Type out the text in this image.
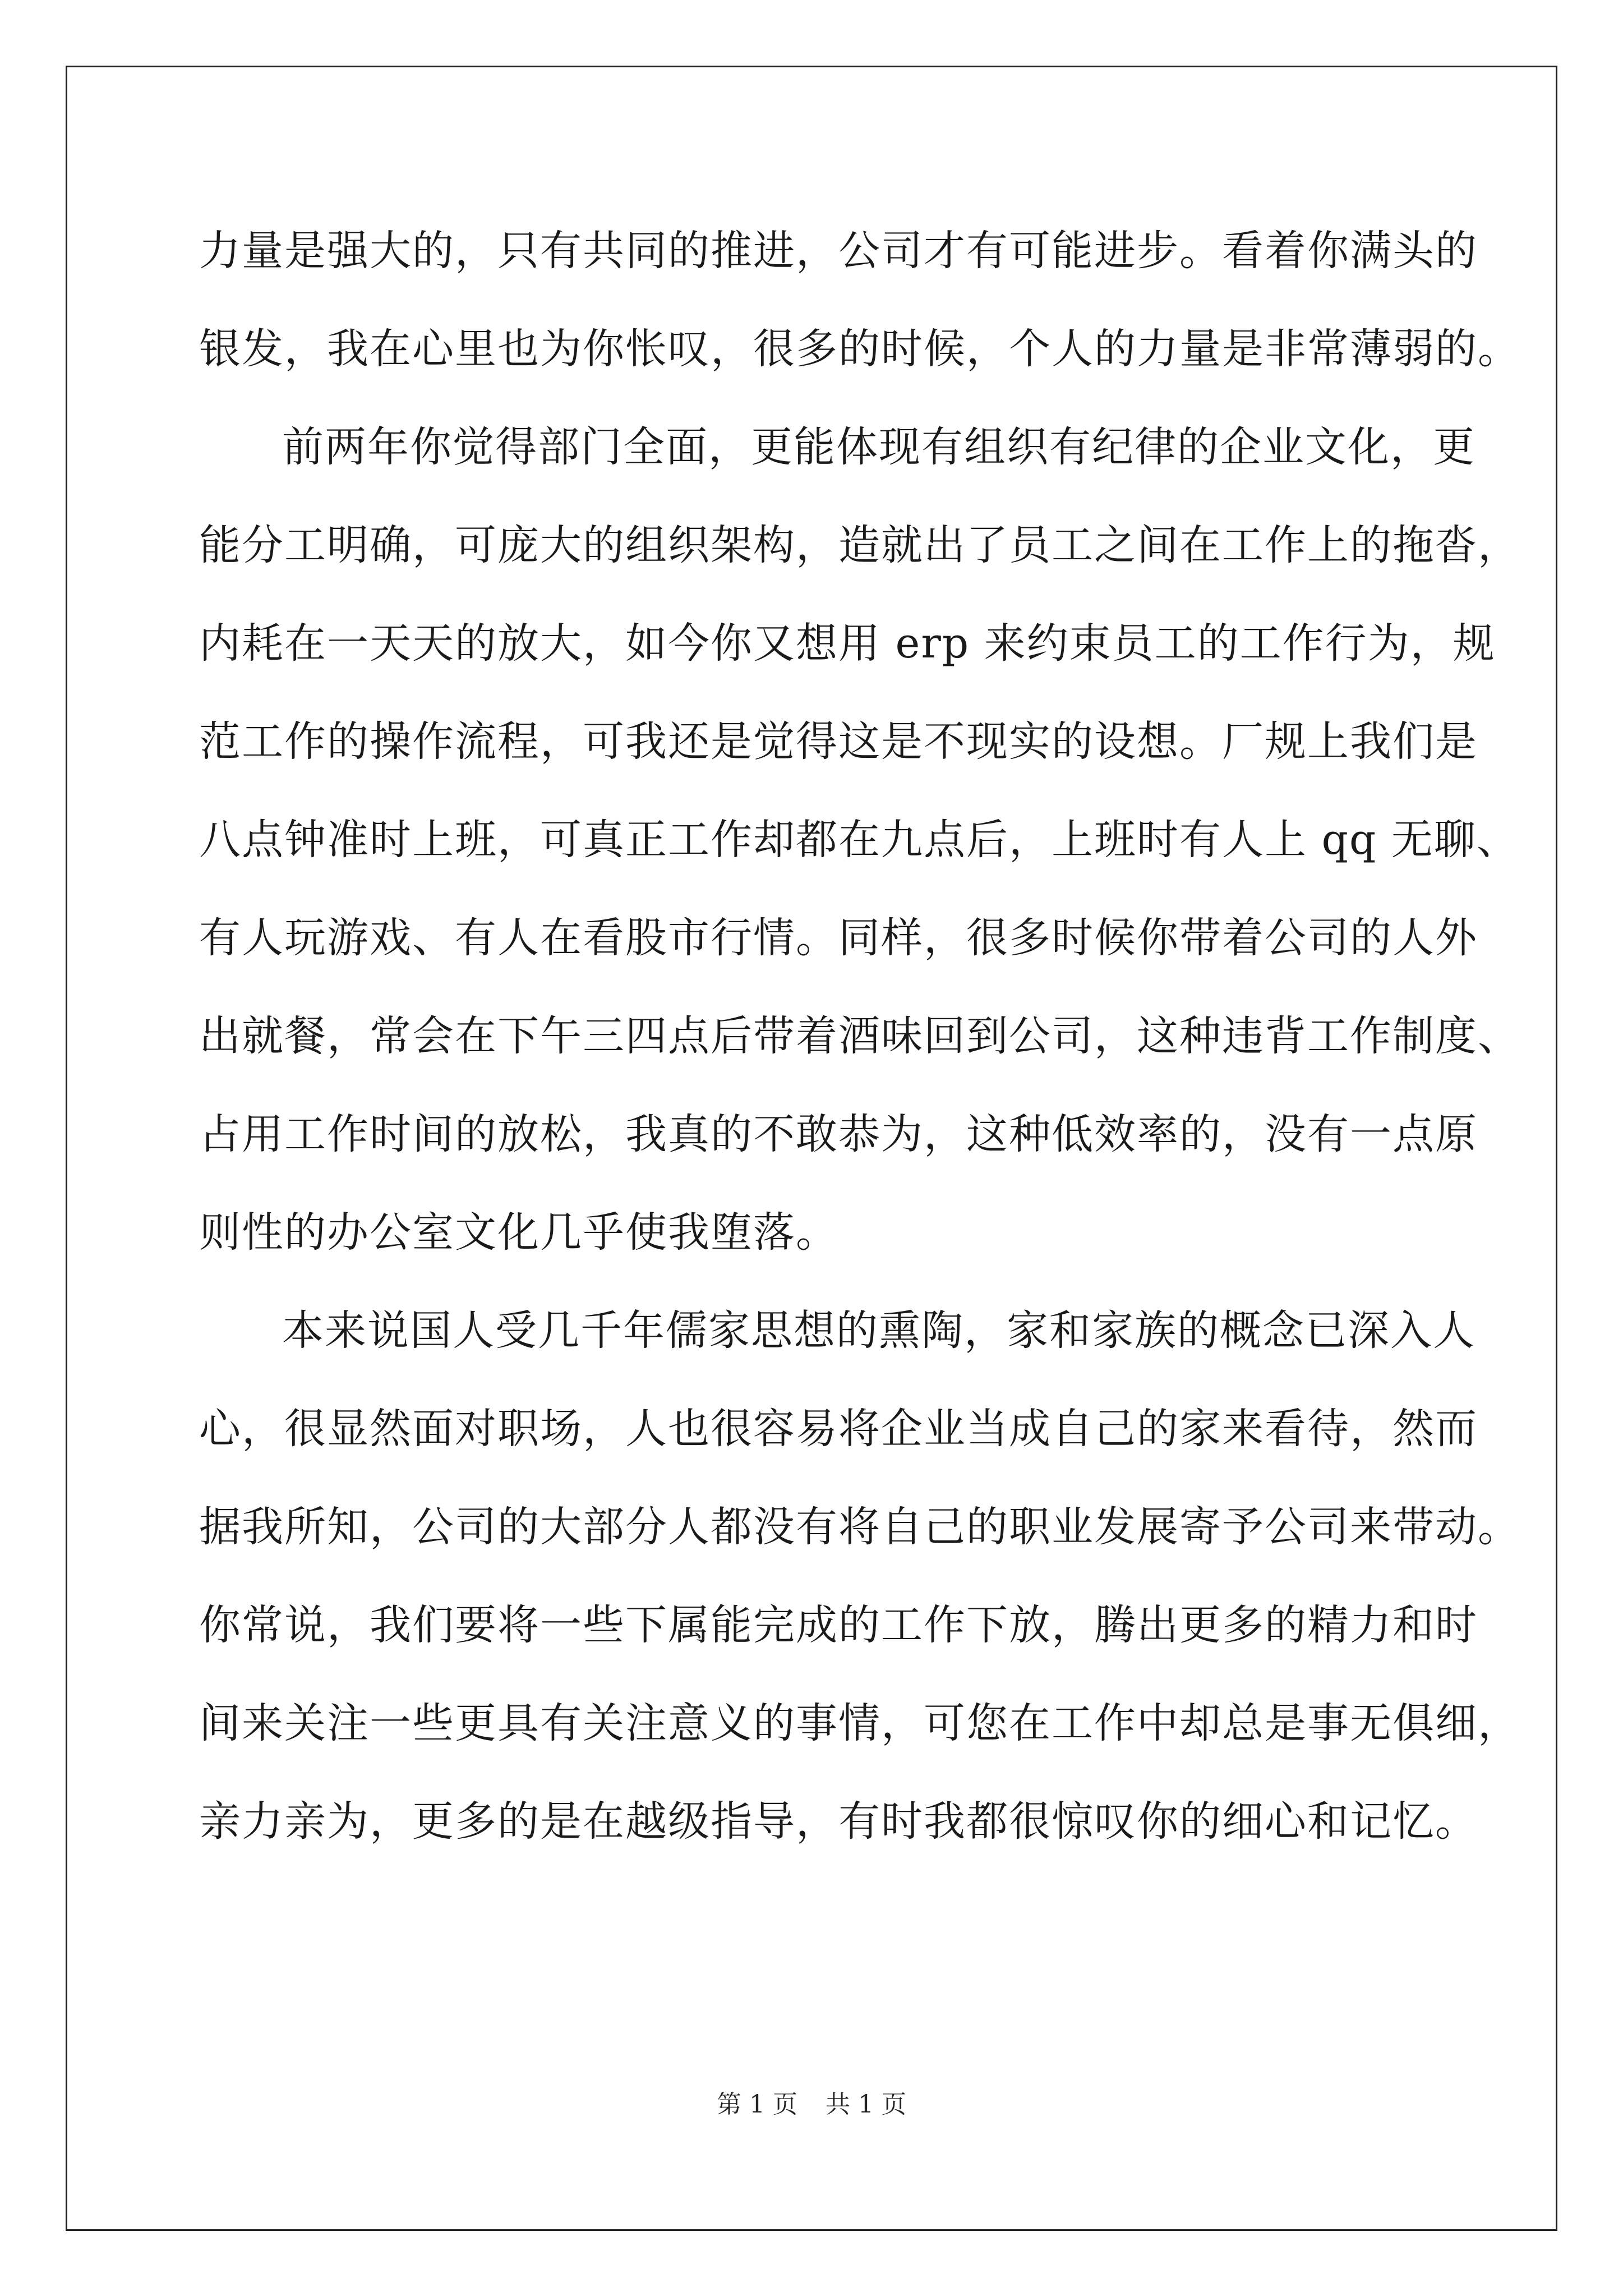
力量是强大的，只有共同的推进，公司才有可能进步。看着你满头的
银发，我在心里也为你怅叹，很多的时候，个人的力量是非常薄弱的。
前两年你觉得部门全面，更能体现有组织有纪律的企业文化，更
能分工明确，可庞大的组织架构，造就出了员工之间在工作上的拖沓，
内耗在一天天的放大，如今你又想用 erp 来约束员工的工作行为，规
范工作的操作流程，可我还是觉得这是不现实的设想。厂规上我们是
八点钟准时上班，可真正工作却都在九点后，上班时有人上 qq 无聊、
有人玩游戏、有人在看股市行情。同样，很多时候你带着公司的人外
出就餐，常会在下午三四点后带着酒味回到公司，这种违背工作制度、
占用工作时间的放松，我真的不敢恭为，这种低效率的，没有一点原
则性的办公室文化几乎使我堕落。
本来说国人受几千年儒家思想的熏陶，家和家族的概念已深入人
心，很显然面对职场，人也很容易将企业当成自己的家来看待，然而
据我所知，公司的大部分人都没有将自己的职业发展寄予公司来带动。
你常说，我们要将一些下属能完成的工作下放，腾出更多的精力和时
间来关注一些更具有关注意义的事情，可您在工作中却总是事无俱细，
亲力亲为，更多的是在越级指导，有时我都很惊叹你的细心和记忆。
第 1 页 共 1 页
